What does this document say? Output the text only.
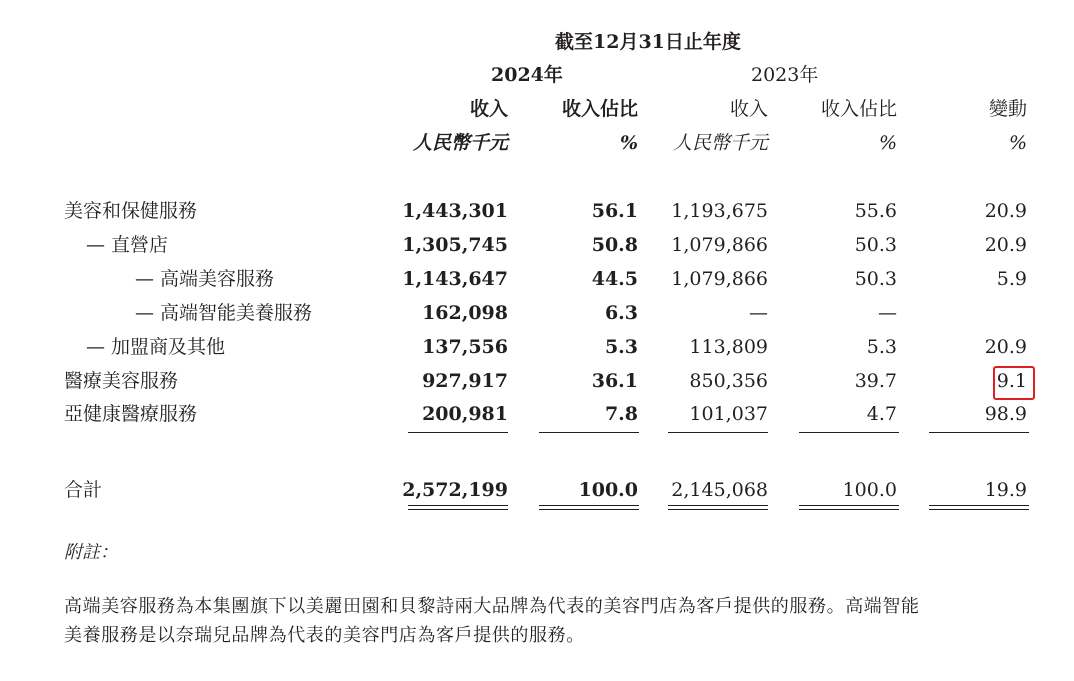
截至12月31日止年度
2024年	2023年
收入	收入佔比	收入	收入佔比	變動
人民幣千元	% 人民幣千元	%	%
美容和保健服務	1,443,301	56.1 1,193,675	55.6	20.9
— 直營店	1,305,745	50.8 1,079,866	50.3	20.9
— 高端美容服務	1,143,647	44.5 1,079,866	50.3	5.9
— 高端智能美養服務	162,098	6.3	—	—
— 加盟商及其他	137,556	5.3	113,809	5.3	20.9
醫療美容服務	927,917	36.1	850,356	39.7	9.1
亞健康醫療服務	200,981	7.8	101,037	4.7	98.9
合計	2,572,199	100.0 2,145,068	100.0	19.9
附註：
高端美容服務為本集團旗下以美麗田園和貝黎詩兩大品牌為代表的美容門店為客戶提供的服務。高端智能
美養服務是以奈瑞兒品牌為代表的美容門店為客戶提供的服務。
